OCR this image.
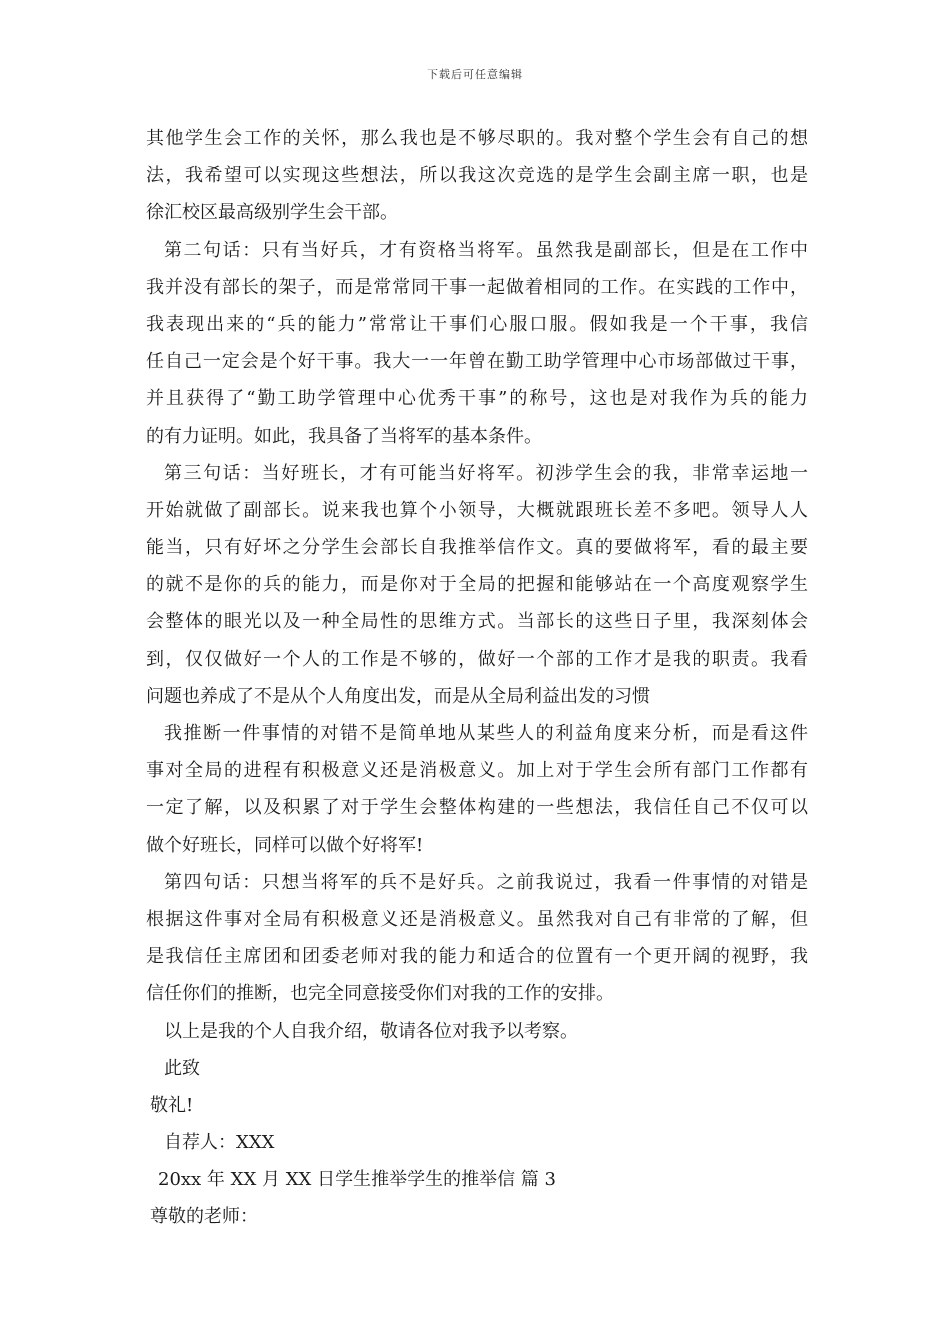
下载后可任意编辑
其他学生会工作的关怀，那么我也是不够尽职的。我对整个学生会有自己的想
法，我希望可以实现这些想法，所以我这次竞选的是学生会副主席一职，也是
徐汇校区最高级别学生会干部。
第二句话：只有当好兵，才有资格当将军。虽然我是副部长，但是在工作中
我并没有部长的架子，而是常常同干事一起做着相同的工作。在实践的工作中，
我表现出来的“兵的能力”常常让干事们心服口服。假如我是一个干事，我信
任自己一定会是个好干事。我大一一年曾在勤工助学管理中心市场部做过干事，
并且获得了“勤工助学管理中心优秀干事”的称号，这也是对我作为兵的能力
的有力证明。如此，我具备了当将军的基本条件。
第三句话：当好班长，才有可能当好将军。初涉学生会的我，非常幸运地一
开始就做了副部长。说来我也算个小领导，大概就跟班长差不多吧。领导人人
能当，只有好坏之分学生会部长自我推举信作文。真的要做将军，看的最主要
的就不是你的兵的能力，而是你对于全局的把握和能够站在一个高度观察学生
会整体的眼光以及一种全局性的思维方式。当部长的这些日子里，我深刻体会
到，仅仅做好一个人的工作是不够的，做好一个部的工作才是我的职责。我看
问题也养成了不是从个人角度出发，而是从全局利益出发的习惯
我推断一件事情的对错不是简单地从某些人的利益角度来分析，而是看这件
事对全局的进程有积极意义还是消极意义。加上对于学生会所有部门工作都有
一定了解，以及积累了对于学生会整体构建的一些想法，我信任自己不仅可以
做个好班长，同样可以做个好将军!
第四句话：只想当将军的兵不是好兵。之前我说过，我看一件事情的对错是
根据这件事对全局有积极意义还是消极意义。虽然我对自己有非常的了解，但
是我信任主席团和团委老师对我的能力和适合的位置有一个更开阔的视野，我
信任你们的推断，也完全同意接受你们对我的工作的安排。
以上是我的个人自我介绍，敬请各位对我予以考察。
此致
敬礼!
自荐人：XXX
20xx 年 XX 月 XX 日学生推举学生的推举信 篇 3
尊敬的老师：
